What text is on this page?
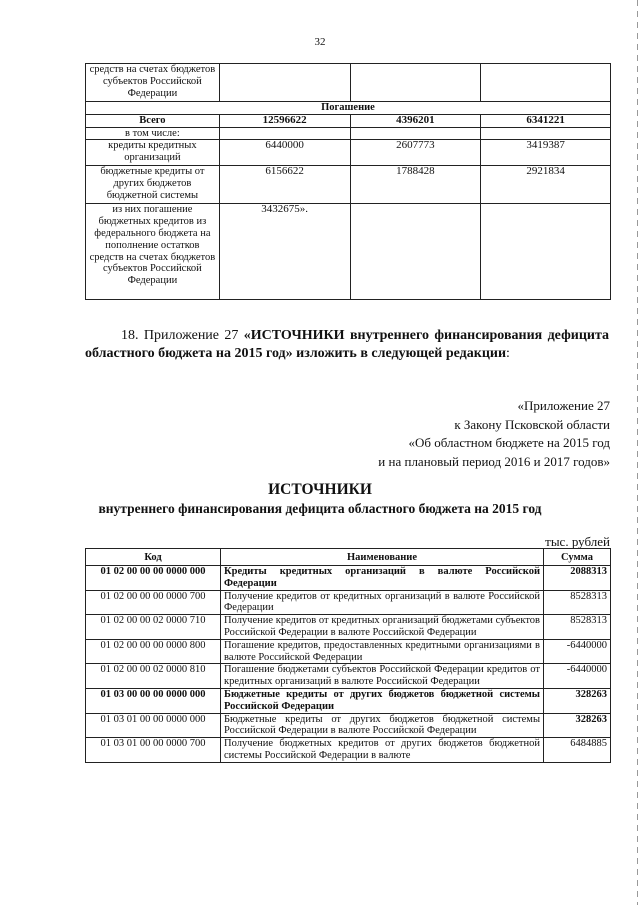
32
средств на счетах бюджетов субъектов Российской Федерации			
Погашение			
Всего	12596622	4396201	6341221
в том числе:			
кредиты кредитных организаций	6440000	2607773	3419387
бюджетные кредиты от других бюджетов бюджетной системы	6156622	1788428	2921834
из них погашение бюджетных кредитов из федерального бюджета на пополнение остатков средств на счетах бюджетов субъектов Российской Федерации	3432675».		
18. Приложение 27 «ИСТОЧНИКИ внутреннего финансирования дефицита областного бюджета на 2015 год» изложить в следующей редакции:
«Приложение 27
к Закону Псковской области
«Об областном бюджете на 2015 год
и на плановый период 2016 и 2017 годов»
ИСТОЧНИКИ
внутреннего финансирования дефицита областного бюджета на 2015 год
тыс. рублей
Код	Наименование	Сумма
01 02 00 00 00 0000 000	Кредиты кредитных организаций в валюте Российской Федерации	2088313
01 02 00 00 00 0000 700	Получение кредитов от кредитных организаций в валюте Российской Федерации	8528313
01 02 00 00 02 0000 710	Получение кредитов от кредитных организаций бюджетами субъектов Российской Федерации в валюте Российской Федерации	8528313
01 02 00 00 00 0000 800	Погашение кредитов, предоставленных кредитными организациями в валюте Российской Федерации	-6440000
01 02 00 00 02 0000 810	Погашение бюджетами субъектов Российской Федерации кредитов от кредитных организаций в валюте Российской Федерации	-6440000
01 03 00 00 00 0000 000	Бюджетные кредиты от других бюджетов бюджетной системы Российской Федерации	328263
01 03 01 00 00 0000 000	Бюджетные кредиты от других бюджетов бюджетной системы Российской Федерации в валюте Российской Федерации	328263
01 03 01 00 00 0000 700	Получение бюджетных кредитов от других бюджетов бюджетной системы Российской Федерации в валюте	6484885
